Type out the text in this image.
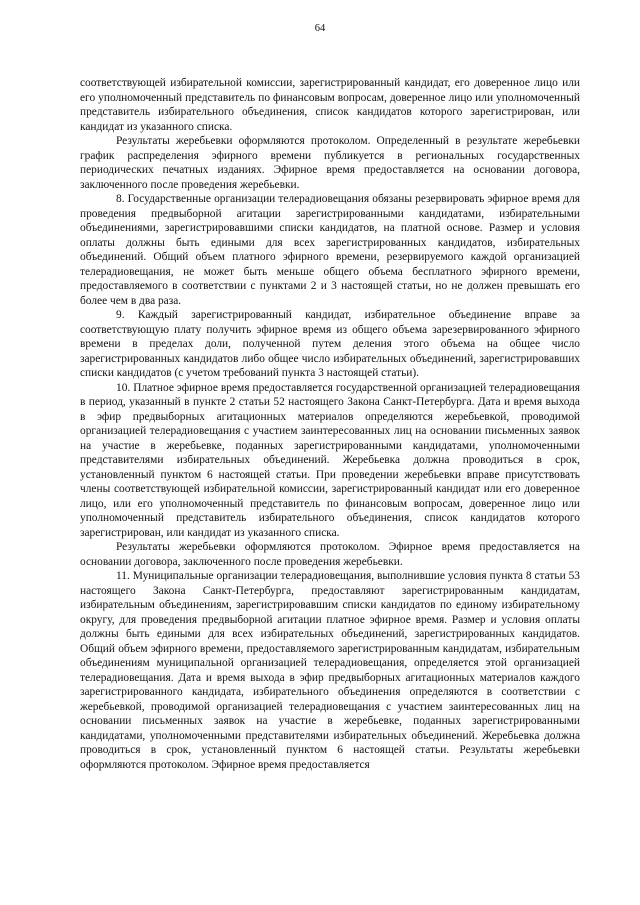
64

соответствующей избирательной комиссии, зарегистрированный кандидат, его доверенное лицо или его уполномоченный представитель по финансовым вопросам, доверенное лицо или уполномоченный представитель избирательного объединения, список кандидатов которого зарегистрирован, или кандидат из указанного списка.

Результаты жеребьевки оформляются протоколом. Определенный в результате жеребьевки график распределения эфирного времени публикуется в региональных государственных периодических печатных изданиях. Эфирное время предоставляется на основании договора, заключенного после проведения жеребьевки.

8. Государственные организации телерадиовещания обязаны резервировать эфирное время для проведения предвыборной агитации зарегистрированными кандидатами, избирательными объединениями, зарегистрировавшими списки кандидатов, на платной основе. Размер и условия оплаты должны быть едиными для всех зарегистрированных кандидатов, избирательных объединений. Общий объем платного эфирного времени, резервируемого каждой организацией телерадиовещания, не может быть меньше общего объема бесплатного эфирного времени, предоставляемого в соответствии с пунктами 2 и 3 настоящей статьи, но не должен превышать его более чем в два раза.

9. Каждый зарегистрированный кандидат, избирательное объединение вправе за соответствующую плату получить эфирное время из общего объема зарезервированного эфирного времени в пределах доли, полученной путем деления этого объема на общее число зарегистрированных кандидатов либо общее число избирательных объединений, зарегистрировавших списки кандидатов (с учетом требований пункта 3 настоящей статьи).

10. Платное эфирное время предоставляется государственной организацией телерадиовещания в период, указанный в пункте 2 статьи 52 настоящего Закона Санкт-Петербурга. Дата и время выхода в эфир предвыборных агитационных материалов определяются жеребьевкой, проводимой организацией телерадиовещания с участием заинтересованных лиц на основании письменных заявок на участие в жеребьевке, поданных зарегистрированными кандидатами, уполномоченными представителями избирательных объединений. Жеребьевка должна проводиться в срок, установленный пунктом 6 настоящей статьи. При проведении жеребьевки вправе присутствовать члены соответствующей избирательной комиссии, зарегистрированный кандидат или его доверенное лицо, или его уполномоченный представитель по финансовым вопросам, доверенное лицо или уполномоченный представитель избирательного объединения, список кандидатов которого зарегистрирован, или кандидат из указанного списка.

Результаты жеребьевки оформляются протоколом. Эфирное время предоставляется на основании договора, заключенного после проведения жеребьевки.

11. Муниципальные организации телерадиовещания, выполнившие условия пункта 8 статьи 53 настоящего Закона Санкт-Петербурга, предоставляют зарегистрированным кандидатам, избирательным объединениям, зарегистрировавшим списки кандидатов по единому избирательному округу, для проведения предвыборной агитации платное эфирное время. Размер и условия оплаты должны быть едиными для всех избирательных объединений, зарегистрированных кандидатов. Общий объем эфирного времени, предоставляемого зарегистрированным кандидатам, избирательным объединениям муниципальной организацией телерадиовещания, определяется этой организацией телерадиовещания. Дата и время выхода в эфир предвыборных агитационных материалов каждого зарегистрированного кандидата, избирательного объединения определяются в соответствии с жеребьевкой, проводимой организацией телерадиовещания с участием заинтересованных лиц на основании письменных заявок на участие в жеребьевке, поданных зарегистрированными кандидатами, уполномоченными представителями избирательных объединений. Жеребьевка должна проводиться в срок, установленный пунктом 6 настоящей статьи. Результаты жеребьевки оформляются протоколом. Эфирное время предоставляется
